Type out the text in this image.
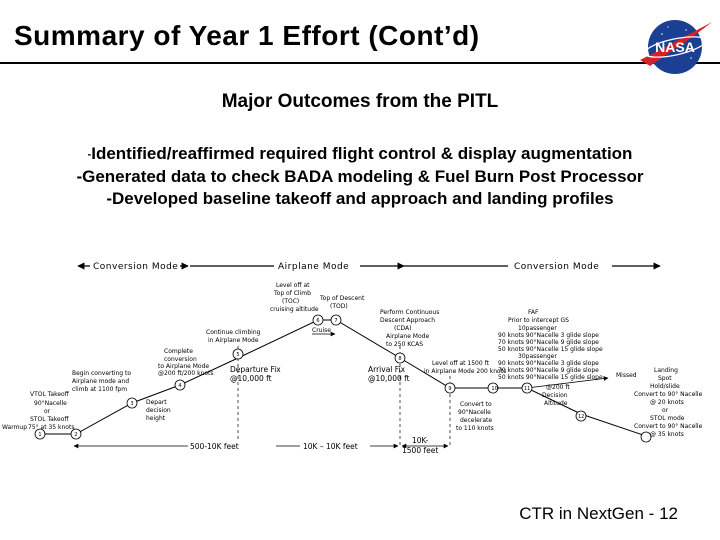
Summary of Year 1 Effort (Cont’d)	NASA
Major Outcomes from the PITL
-Identified/reaffirmed required flight control & display augmentation
-Generated data to check BADA modeling & Fuel Burn Post Processor
-Developed baseline takeoff and approach and landing profiles
Conversion Mode	Airplane Mode	Conversion Mode
500-10K feet	10K – 10K feet
10K-
1500 feet
1	2
3
4
5
6	7
8
9	10	11
12
VTOL Takeoff
90°Nacelle
or
STOL Takeoff
75° at 35 knots
Warmup
Begin converting to
Airplane mode and
climb at 1100 fpm
Complete
conversion
to Airplane Mode
@200 ft/200 knots
Depart
decision
height
Continue climbing
in Airplane Mode
Level off at
Top of Climb
(TOC)
cruising altitude
Top of Descent
(TOD)
Cruise
Departure Fix
@10,000 ft
Arrival Fix
@10,000 ft
Perform Continuous
Descent Approach
(CDA)
Airplane Mode
to 250 KCAS
FAF
Prior to intercept GS
10passenger
90 knots 90°Nacelle 3 glide slope
70 knots 90°Nacelle 9 glide slope
50 knots 90°Nacelle 15 glide slope
30passenger
90 knots 90°Nacelle 3 glide slope
70 knots 90°Nacelle 9 glide slope
50 knots 90°Nacelle 15 glide slope
Level off at 1500 ft
in Airplane Mode 200 knots
Convert to
90°Nacelle
decelerate
to 110 knots
@200 ft
Decision
Altitude
Missed
Landing
Spot
Hold/slide
Convert to 90° Nacelle
@ 20 knots
or
STOL mode
Convert to 90° Nacelle
@ 35 knots
CTR in NextGen - 12
